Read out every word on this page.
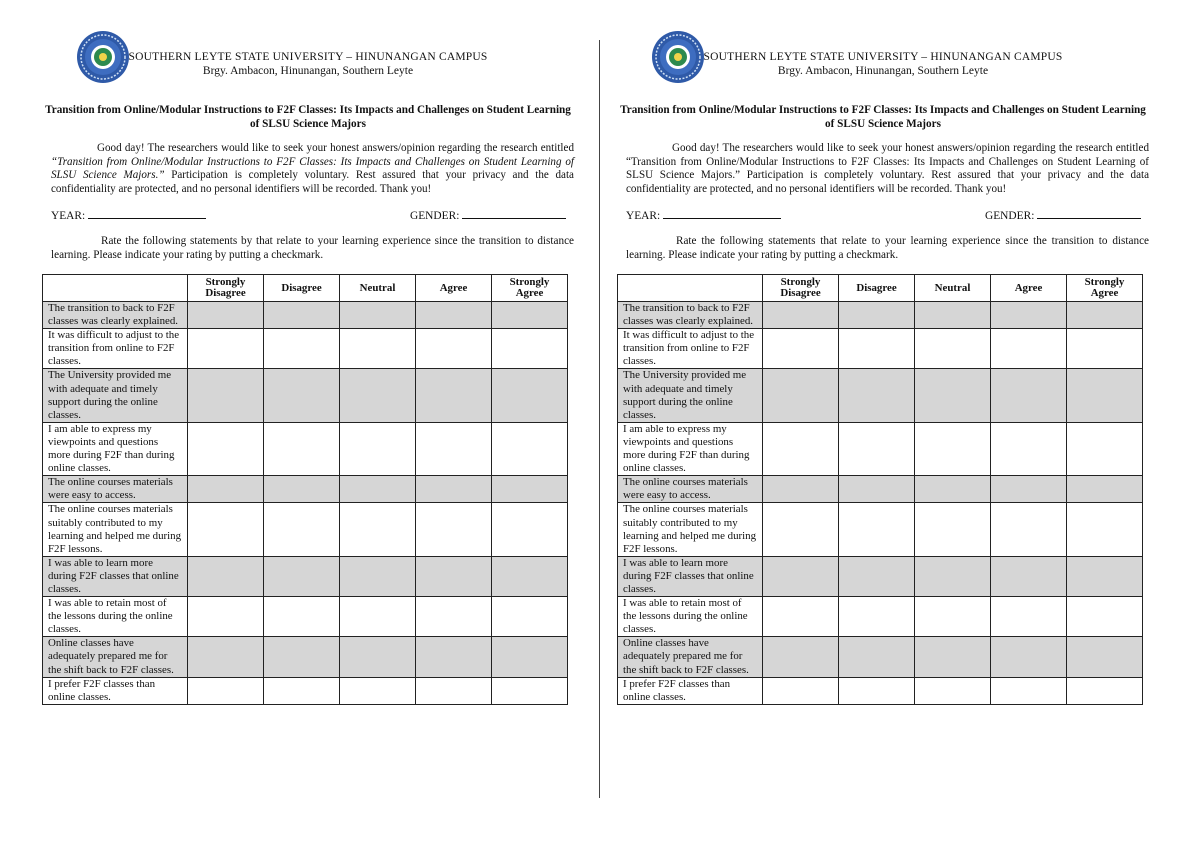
SOUTHERN LEYTE STATE UNIVERSITY – HINUNANGAN CAMPUS
Brgy. Ambacon, Hinunangan, Southern Leyte
Transition from Online/Modular Instructions to F2F Classes: Its Impacts and Challenges on Student Learning of SLSU Science Majors
Good day! The researchers would like to seek your honest answers/opinion regarding the research entitled “Transition from Online/Modular Instructions to F2F Classes: Its Impacts and Challenges on Student Learning of SLSU Science Majors.” Participation is completely voluntary. Rest assured that your privacy and the data confidentiality are protected, and no personal identifiers will be recorded. Thank you!
YEAR:	GENDER:
Rate the following statements by that relate to your learning experience since the transition to distance learning. Please indicate your rating by putting a checkmark.
	Strongly Disagree	Disagree	Neutral	Agree	Strongly Agree
The transition to back to F2F classes was clearly explained.					
It was difficult to adjust to the transition from online to F2F classes.					
The University provided me with adequate and timely support during the online classes.					
I am able to express my viewpoints and questions more during F2F than during online classes.					
The online courses materials were easy to access.					
The online courses materials suitably contributed to my learning and helped me during F2F lessons.					
I was able to learn more during F2F classes that online classes.					
I was able to retain most of the lessons during the online classes.					
Online classes have adequately prepared me for the shift back to F2F classes.					
I prefer F2F classes than online classes.					
SOUTHERN LEYTE STATE UNIVERSITY – HINUNANGAN CAMPUS
Brgy. Ambacon, Hinunangan, Southern Leyte
Transition from Online/Modular Instructions to F2F Classes: Its Impacts and Challenges on Student Learning of SLSU Science Majors
Good day! The researchers would like to seek your honest answers/opinion regarding the research entitled “Transition from Online/Modular Instructions to F2F Classes: Its Impacts and Challenges on Student Learning of SLSU Science Majors.” Participation is completely voluntary. Rest assured that your privacy and the data confidentiality are protected, and no personal identifiers will be recorded. Thank you!
YEAR:	GENDER:
Rate the following statements that relate to your learning experience since the transition to distance learning. Please indicate your rating by putting a checkmark.
	Strongly Disagree	Disagree	Neutral	Agree	Strongly Agree
The transition to back to F2F classes was clearly explained.					
It was difficult to adjust to the transition from online to F2F classes.					
The University provided me with adequate and timely support during the online classes.					
I am able to express my viewpoints and questions more during F2F than during online classes.					
The online courses materials were easy to access.					
The online courses materials suitably contributed to my learning and helped me during F2F lessons.					
I was able to learn more during F2F classes that online classes.					
I was able to retain most of the lessons during the online classes.					
Online classes have adequately prepared me for the shift back to F2F classes.					
I prefer F2F classes than online classes.					
